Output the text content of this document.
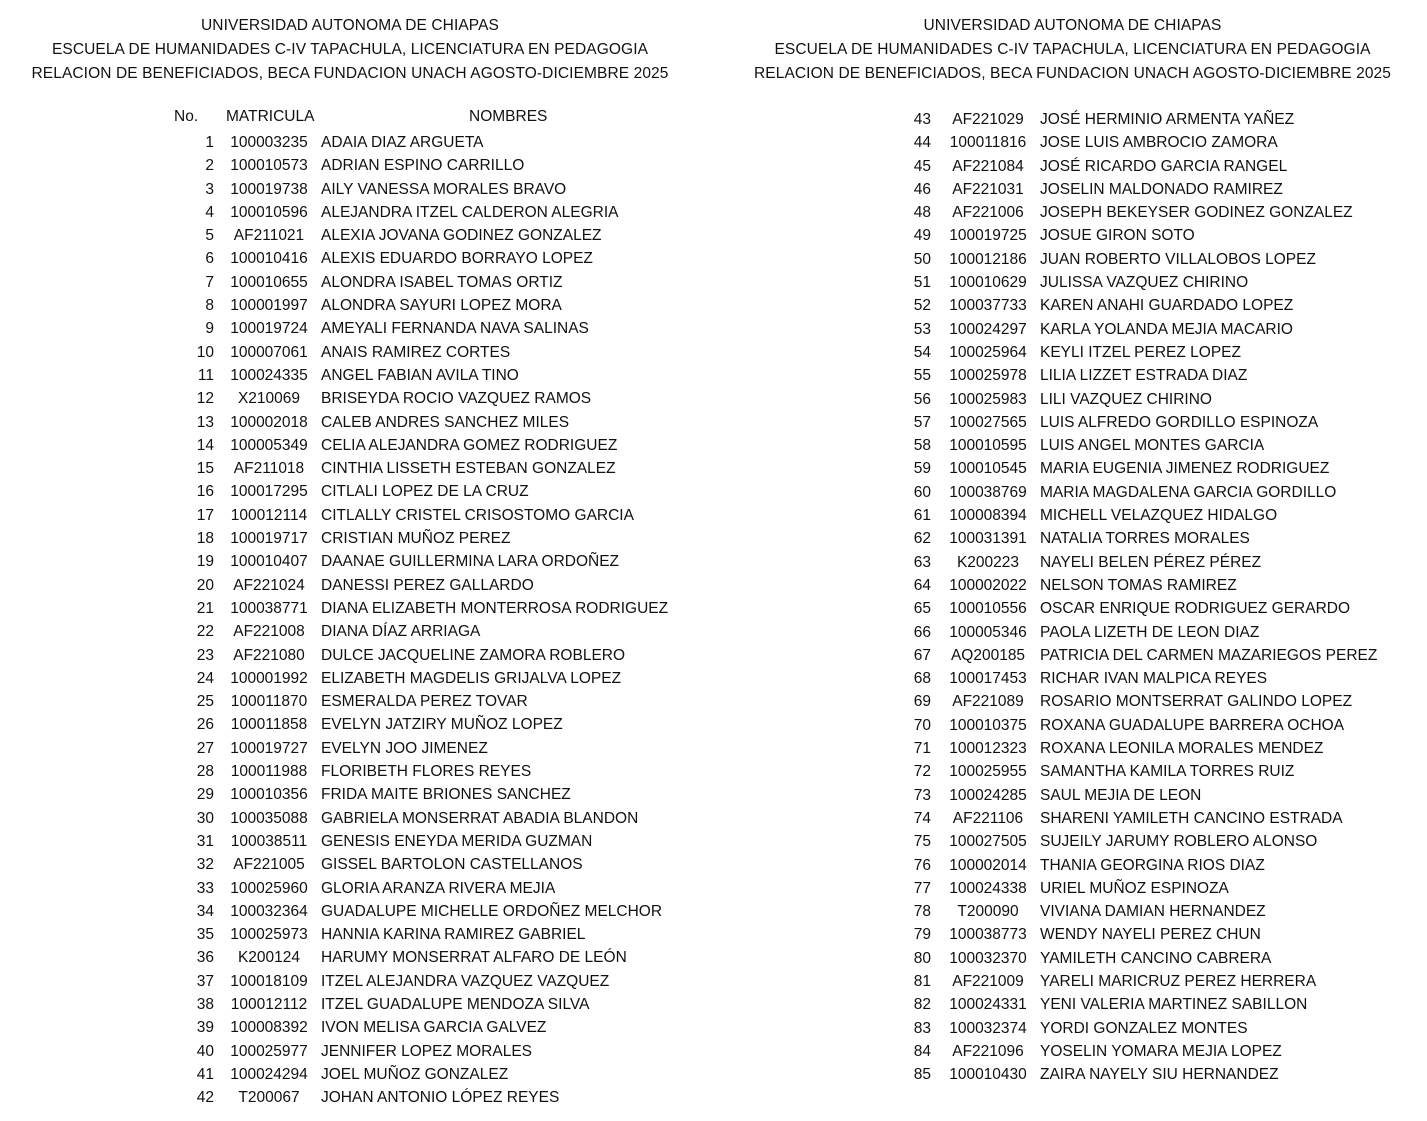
UNIVERSIDAD AUTONOMA DE CHIAPAS
ESCUELA DE HUMANIDADES C-IV TAPACHULA, LICENCIATURA EN PEDAGOGIA
RELACION DE BENEFICIADOS, BECA FUNDACION UNACH AGOSTO-DICIEMBRE 2025
No. MATRICULA	NOMBRES
1	100003235 ADAIA DIAZ ARGUETA
2	100010573 ADRIAN ESPINO CARRILLO
3	100019738 AILY VANESSA MORALES BRAVO
4	100010596 ALEJANDRA ITZEL CALDERON ALEGRIA
5	AF211021	ALEXIA JOVANA GODINEZ GONZALEZ
6	100010416 ALEXIS EDUARDO BORRAYO LOPEZ
7	100010655 ALONDRA ISABEL TOMAS ORTIZ
8	100001997 ALONDRA SAYURI LOPEZ MORA
9	100019724 AMEYALI FERNANDA NAVA SALINAS
10	100007061 ANAIS RAMIREZ CORTES
11	100024335 ANGEL FABIAN AVILA TINO
12	X210069	BRISEYDA ROCIO VAZQUEZ RAMOS
13	100002018 CALEB ANDRES SANCHEZ MILES
14	100005349 CELIA ALEJANDRA GOMEZ RODRIGUEZ
15	AF211018	CINTHIA LISSETH ESTEBAN GONZALEZ
16	100017295 CITLALI LOPEZ DE LA CRUZ
17	100012114 CITLALLY CRISTEL CRISOSTOMO GARCIA
18	100019717 CRISTIAN MUÑOZ PEREZ
19	100010407 DAANAE GUILLERMINA LARA ORDOÑEZ
20	AF221024	DANESSI PEREZ GALLARDO
21	100038771 DIANA ELIZABETH MONTERROSA RODRIGUEZ
22	AF221008	DIANA DÍAZ ARRIAGA
23	AF221080	DULCE JACQUELINE ZAMORA ROBLERO
24	100001992 ELIZABETH MAGDELIS GRIJALVA LOPEZ
25	100011870 ESMERALDA PEREZ TOVAR
26	100011858 EVELYN JATZIRY MUÑOZ LOPEZ
27	100019727 EVELYN JOO JIMENEZ
28	100011988 FLORIBETH FLORES REYES
29	100010356 FRIDA MAITE BRIONES SANCHEZ
30	100035088 GABRIELA MONSERRAT ABADIA BLANDON
31	100038511 GENESIS ENEYDA MERIDA GUZMAN
32	AF221005	GISSEL BARTOLON CASTELLANOS
33	100025960 GLORIA ARANZA RIVERA MEJIA
34	100032364 GUADALUPE MICHELLE ORDOÑEZ MELCHOR
35	100025973 HANNIA KARINA RAMIREZ GABRIEL
36	K200124	HARUMY MONSERRAT ALFARO DE LEÓN
37	100018109 ITZEL ALEJANDRA VAZQUEZ VAZQUEZ
38	100012112 ITZEL GUADALUPE MENDOZA SILVA
39	100008392 IVON MELISA GARCIA GALVEZ
40	100025977 JENNIFER LOPEZ MORALES
41	100024294 JOEL MUÑOZ GONZALEZ
42	T200067	JOHAN ANTONIO LÓPEZ REYES
UNIVERSIDAD AUTONOMA DE CHIAPAS
ESCUELA DE HUMANIDADES C-IV TAPACHULA, LICENCIATURA EN PEDAGOGIA
RELACION DE BENEFICIADOS, BECA FUNDACION UNACH AGOSTO-DICIEMBRE 2025
43	AF221029	JOSÉ HERMINIO ARMENTA YAÑEZ
44	100011816 JOSE LUIS AMBROCIO ZAMORA
45	AF221084	JOSÉ RICARDO GARCIA RANGEL
46	AF221031	JOSELIN MALDONADO RAMIREZ
48	AF221006	JOSEPH BEKEYSER GODINEZ GONZALEZ
49	100019725 JOSUE GIRON SOTO
50	100012186 JUAN ROBERTO VILLALOBOS LOPEZ
51	100010629 JULISSA VAZQUEZ CHIRINO
52	100037733 KAREN ANAHI GUARDADO LOPEZ
53	100024297 KARLA YOLANDA MEJIA MACARIO
54	100025964 KEYLI ITZEL PEREZ LOPEZ
55	100025978 LILIA LIZZET ESTRADA DIAZ
56	100025983 LILI VAZQUEZ CHIRINO
57	100027565 LUIS ALFREDO GORDILLO ESPINOZA
58	100010595 LUIS ANGEL MONTES GARCIA
59	100010545 MARIA EUGENIA JIMENEZ RODRIGUEZ
60	100038769 MARIA MAGDALENA GARCIA GORDILLO
61	100008394 MICHELL VELAZQUEZ HIDALGO
62	100031391 NATALIA TORRES MORALES
63	K200223	NAYELI BELEN PÉREZ PÉREZ
64	100002022 NELSON TOMAS RAMIREZ
65	100010556 OSCAR ENRIQUE RODRIGUEZ GERARDO
66	100005346 PAOLA LIZETH DE LEON DIAZ
67	AQ200185 PATRICIA DEL CARMEN MAZARIEGOS PEREZ
68	100017453 RICHAR IVAN MALPICA REYES
69	AF221089	ROSARIO MONTSERRAT GALINDO LOPEZ
70	100010375 ROXANA GUADALUPE BARRERA OCHOA
71	100012323 ROXANA LEONILA MORALES MENDEZ
72	100025955 SAMANTHA KAMILA TORRES RUIZ
73	100024285 SAUL MEJIA DE LEON
74	AF221106	SHARENI YAMILETH CANCINO ESTRADA
75	100027505 SUJEILY JARUMY ROBLERO ALONSO
76	100002014 THANIA GEORGINA RIOS DIAZ
77	100024338 URIEL MUÑOZ ESPINOZA
78	T200090	VIVIANA DAMIAN HERNANDEZ
79	100038773 WENDY NAYELI PEREZ CHUN
80	100032370 YAMILETH CANCINO CABRERA
81	AF221009	YARELI MARICRUZ PEREZ HERRERA
82	100024331 YENI VALERIA MARTINEZ SABILLON
83	100032374 YORDI GONZALEZ MONTES
84	AF221096	YOSELIN YOMARA MEJIA LOPEZ
85	100010430 ZAIRA NAYELY SIU HERNANDEZ
